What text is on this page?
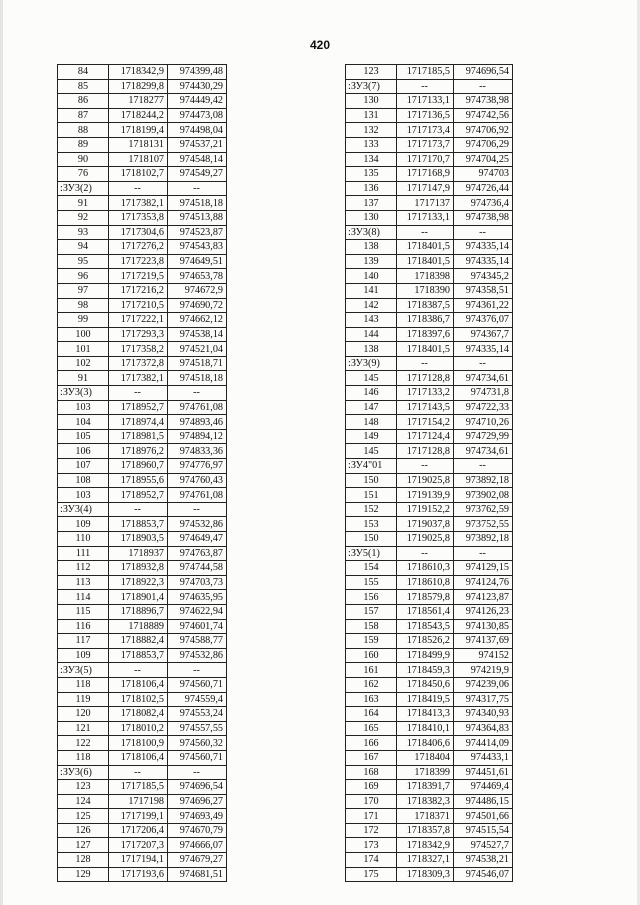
420
84	1718342,9	974399,48
85	1718299,8	974430,29
86	1718277	974449,42
87	1718244,2	974473,08
88	1718199,4	974498,04
89	1718131	974537,21
90	1718107	974548,14
76	1718102,7	974549,27
:ЗУ3(2)	--	--
91	1717382,1	974518,18
92	1717353,8	974513,88
93	1717304,6	974523,87
94	1717276,2	974543,83
95	1717223,8	974649,51
96	1717219,5	974653,78
97	1717216,2	974672,9
98	1717210,5	974690,72
99	1717222,1	974662,12
100	1717293,3	974538,14
101	1717358,2	974521,04
102	1717372,8	974518,71
91	1717382,1	974518,18
:ЗУ3(3)	--	--
103	1718952,7	974761,08
104	1718974,4	974893,46
105	1718981,5	974894,12
106	1718976,2	974833,36
107	1718960,7	974776,97
108	1718955,6	974760,43
103	1718952,7	974761,08
:ЗУ3(4)	--	--
109	1718853,7	974532,86
110	1718903,5	974649,47
111	1718937	974763,87
112	1718932,8	974744,58
113	1718922,3	974703,73
114	1718901,4	974635,95
115	1718896,7	974622,94
116	1718889	974601,74
117	1718882,4	974588,77
109	1718853,7	974532,86
:ЗУ3(5)	--	--
118	1718106,4	974560,71
119	1718102,5	974559,4
120	1718082,4	974553,24
121	1718010,2	974557,55
122	1718100,9	974560,32
118	1718106,4	974560,71
:ЗУ3(6)	--	--
123	1717185,5	974696,54
124	1717198	974696,27
125	1717199,1	974693,49
126	1717206,4	974670,79
127	1717207,3	974666,07
128	1717194,1	974679,27
129	1717193,6	974681,51
123	1717185,5	974696,54
:ЗУ3(7)	--	--
130	1717133,1	974738,98
131	1717136,5	974742,56
132	1717173,4	974706,92
133	1717173,7	974706,29
134	1717170,7	974704,25
135	1717168,9	974703
136	1717147,9	974726,44
137	1717137	974736,4
130	1717133,1	974738,98
:ЗУ3(8)	--	--
138	1718401,5	974335,14
139	1718401,5	974335,14
140	1718398	974345,2
141	1718390	974358,51
142	1718387,5	974361,22
143	1718386,7	974376,07
144	1718397,6	974367,7
138	1718401,5	974335,14
:ЗУ3(9)	--	--
145	1717128,8	974734,61
146	1717133,2	974731,8
147	1717143,5	974722,33
148	1717154,2	974710,26
149	1717124,4	974729,99
145	1717128,8	974734,61
:ЗУ4"01	--	--
150	1719025,8	973892,18
151	1719139,9	973902,08
152	1719152,2	973762,59
153	1719037,8	973752,55
150	1719025,8	973892,18
:ЗУ5(1)	--	--
154	1718610,3	974129,15
155	1718610,8	974124,76
156	1718579,8	974123,87
157	1718561,4	974126,23
158	1718543,5	974130,85
159	1718526,2	974137,69
160	1718499,9	974152
161	1718459,3	974219,9
162	1718450,6	974239,06
163	1718419,5	974317,75
164	1718413,3	974340,93
165	1718410,1	974364,83
166	1718406,6	974414,09
167	1718404	974433,1
168	1718399	974451,61
169	1718391,7	974469,4
170	1718382,3	974486,15
171	1718371	974501,66
172	1718357,8	974515,54
173	1718342,9	974527,7
174	1718327,1	974538,21
175	1718309,3	974546,07
